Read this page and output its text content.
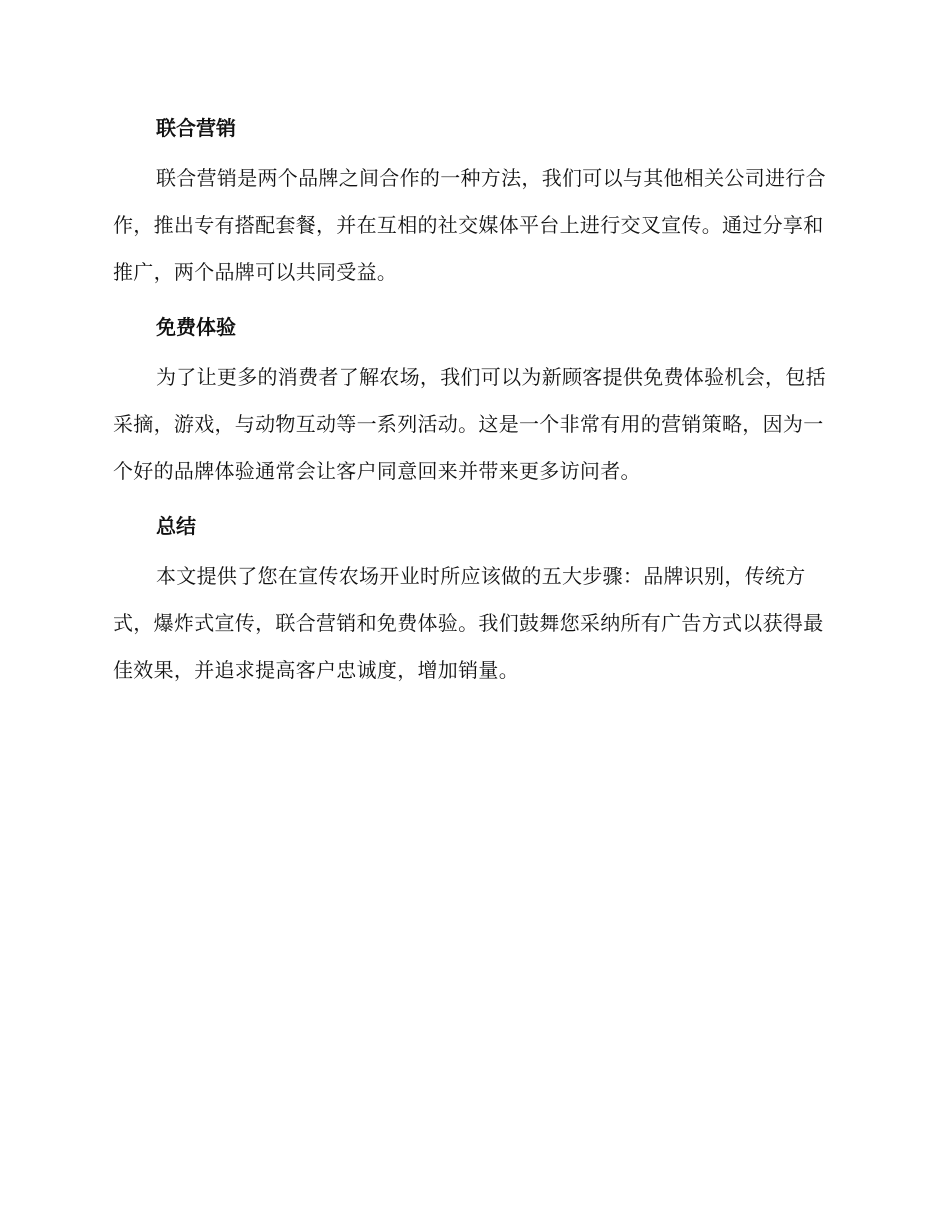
联合营销

联合营销是两个品牌之间合作的一种方法，我们可以与其他相关公司进行合作，推出专有搭配套餐，并在互相的社交媒体平台上进行交叉宣传。通过分享和推广，两个品牌可以共同受益。

免费体验

为了让更多的消费者了解农场，我们可以为新顾客提供免费体验机会，包括采摘，游戏，与动物互动等一系列活动。这是一个非常有用的营销策略，因为一个好的品牌体验通常会让客户同意回来并带来更多访问者。

总结

本文提供了您在宣传农场开业时所应该做的五大步骤：品牌识别，传统方式，爆炸式宣传，联合营销和免费体验。我们鼓舞您采纳所有广告方式以获得最佳效果，并追求提高客户忠诚度，增加销量。
